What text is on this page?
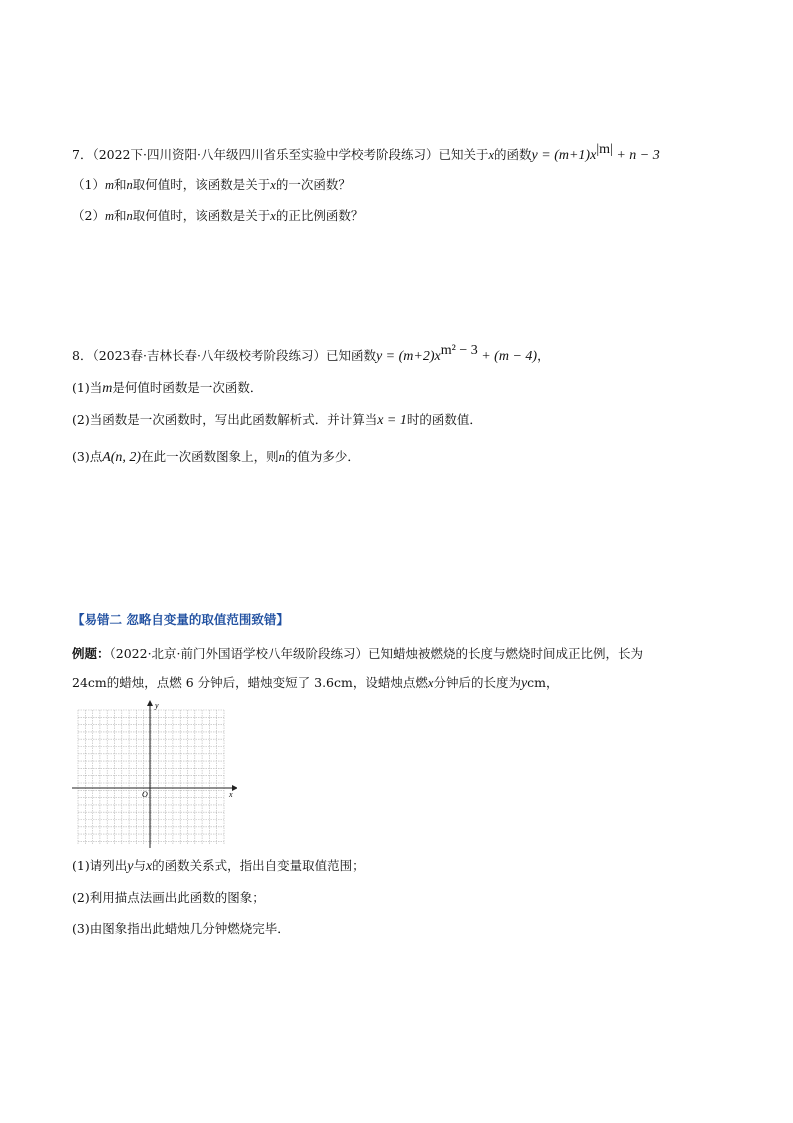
7．（2022下·四川资阳·八年级四川省乐至实验中学校考阶段练习）已知关于x的函数$y = (m+1)x^{|m|} + n - 3$
（1）m和n取何值时，该函数是关于x的一次函数？
（2）m和n取何值时，该函数是关于x的正比例函数？
8．（2023春·吉林长春·八年级校考阶段练习）已知函数$y = (m+2)x^{m^2 - 3} + (m - 4)$，
(1)当m是何值时函数是一次函数．
(2)当函数是一次函数时，写出此函数解析式．并计算当x = 1时的函数值．
(3)点A(n, 2)在此一次函数图象上，则n的值为多少．
【易错二 忽略自变量的取值范围致错】
例题：（2022·北京·前门外国语学校八年级阶段练习）已知蜡烛被燃烧的长度与燃烧时间成正比例，长为
24cm的蜡烛，点燃 6 分钟后，蜡烛变短了 3.6cm，设蜡烛点燃x分钟后的长度为ycm，
x
y
O
(1)请列出y与x的函数关系式，指出自变量取值范围；
(2)利用描点法画出此函数的图象；
(3)由图象指出此蜡烛几分钟燃烧完毕．
